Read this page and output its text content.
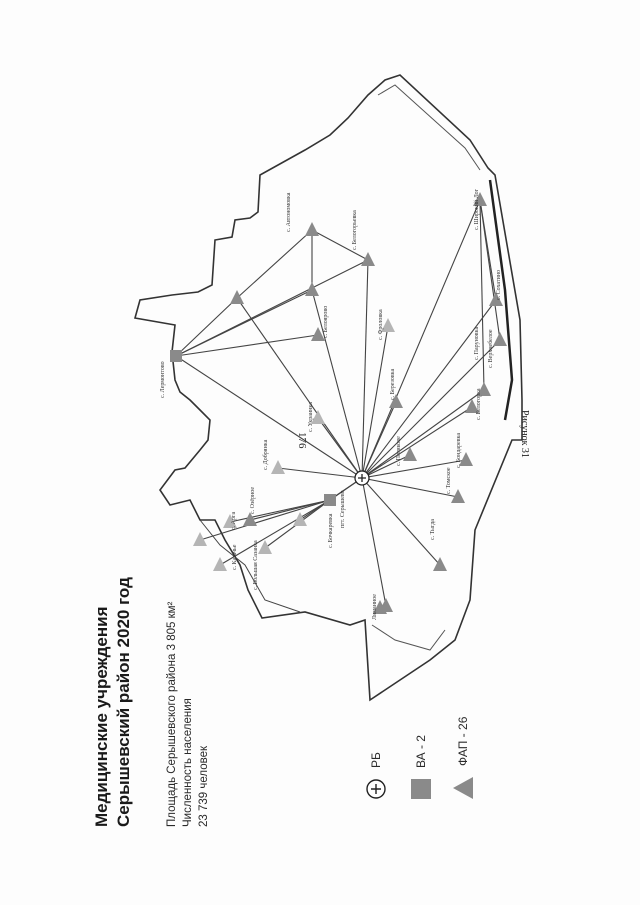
176	Рисунок 31
с. Лермонтово
с. Автономовка
с. Белоярово
с. Белогорьевка
с. Фроловка
с. Украинка
с. Добрянка
с. Озёрное
с. Арга
с. Казачье	с. Большая Сазанка
с. Бочкаревка
пгт. Серышево
с. Томское
с. Тыгда
с. Широкий Лог
с. Березовка
с. Верхнебелое
с. Полякове
с. Паруновка
с. Белогорка
с. Бондаревка
с. Сохатино
Лиманное
Медицинские учреждения Серышевский район 2020 год	Площадь Серышевского района 3 805 км² Численность населения 23 739 человек	РБ	ВА - 2 ФАП - 26
